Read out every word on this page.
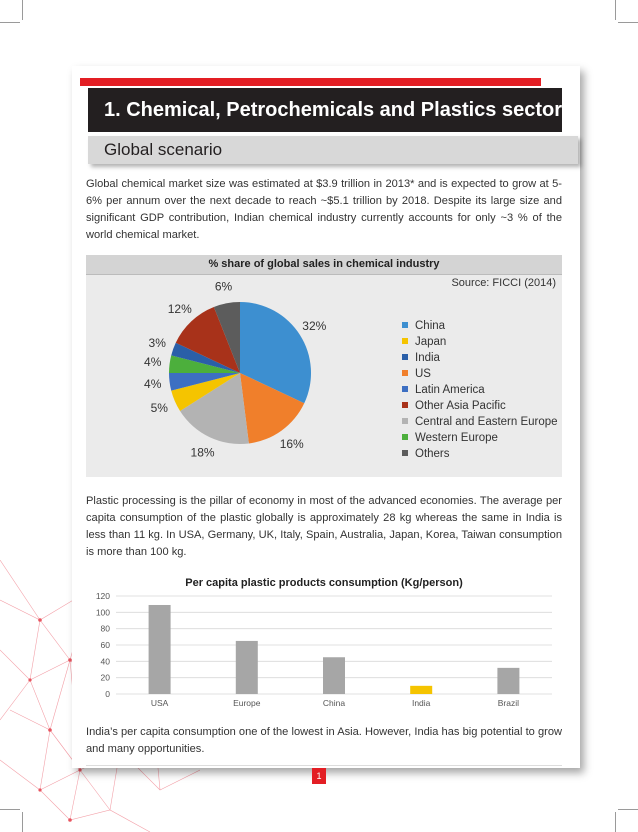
1. Chemical, Petrochemicals and Plastics sector
Global scenario

Global chemical market size was estimated at $3.9 trillion in 2013* and is expected to grow at 5-6% per annum over the next decade to reach ~$5.1 trillion by 2018. Despite its large size and significant GDP contribution, Indian chemical industry currently accounts for only ~3 % of the world chemical market.

% share of global sales in chemical industry
Source: FICCI (2014)
32%
16%
18%
5%
4%
4%
3%
12%
6%
China
Japan
India
US
Latin America
Other Asia Pacific
Central and Eastern Europe
Western Europe
Others

Plastic processing is the pillar of economy in most of the advanced economies. The average per capita consumption of the plastic globally is approximately 28 kg whereas the same in India is less than 11 kg. In USA, Germany, UK, Italy, Spain, Australia, Japan, Korea, Taiwan consumption is more than 100 kg.

Per capita plastic products consumption (Kg/person)
0
20
40
60
80
100
120
USA	Europe	China	India	Brazil

India’s per capita consumption one of the lowest in Asia. However, India has big potential to grow and many opportunities.

1
